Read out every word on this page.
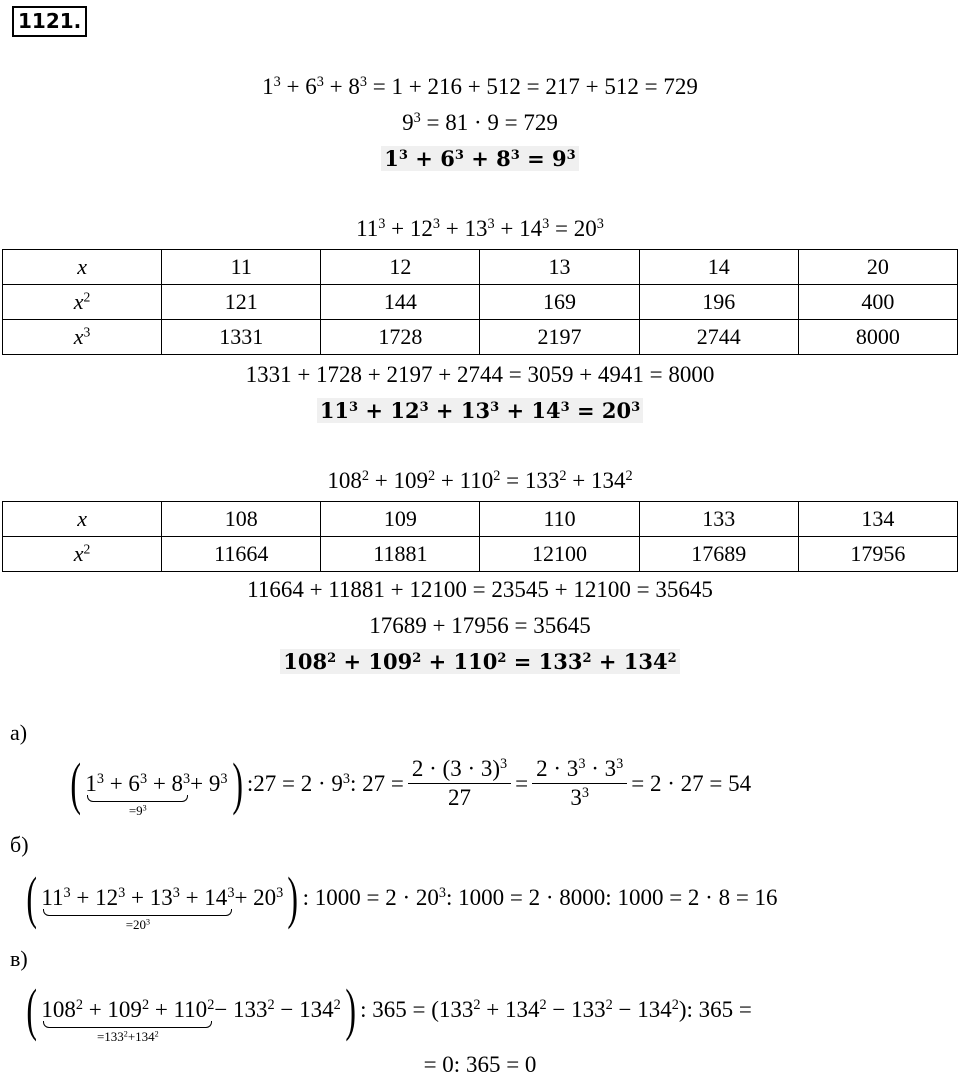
1121.
$1^3 + 6^3 + 8^3 = 1 + 216 + 512 = 217 + 512 = 729$
$9^3 = 81 \cdot 9 = 729$
$1^3 + 6^3 + 8^3 = 9^3$
$11^3 + 12^3 + 13^3 + 14^3 = 20^3$
x	11	12	13	14	20
$x^2$	121	144	169	196	400
$x^3$	1331	1728	2197	2744	8000
1331 + 1728 + 2197 + 2744 = 3059 + 4941 = 8000
$11^3 + 12^3 + 13^3 + 14^3 = 20^3$
$108^2 + 109^2 + 110^2 = 133^2 + 134^2$
x	108	109	110	133	134
$x^2$	11664	11881	12100	17689	17956
11664 + 11881 + 12100 = 23545 + 12100 = 35645
17689 + 17956 = 35645
$108^2 + 109^2 + 110^2 = 133^2 + 134^2$
а)
( $1^3 + 6^3 + 8^3$
$=9^3$
+ $9^3$) :27 = $2 \cdot 9^3$: $27 = \frac{2 \cdot (3 \cdot 3)^3}{27} = \frac{2 \cdot 3^3 \cdot 3^3}{3^3} = 2 \cdot 27 = 54$
б)
( $11^3 + 12^3 + 13^3 + 14^3$
$=20^3$
+ $20^3$) : $1000 = 2 \cdot 20^3$: 1000 = 2 · 8000: 1000 = 2 · 8 = 16
в)
( $108^2 + 109^2 + 110^2$
$=133^2+134^2$
− $133^2 - 134^2$) : $365 = (133^2 + 134^2 - 133^2 - 134^2)$: 365 =
= 0: 365 = 0
